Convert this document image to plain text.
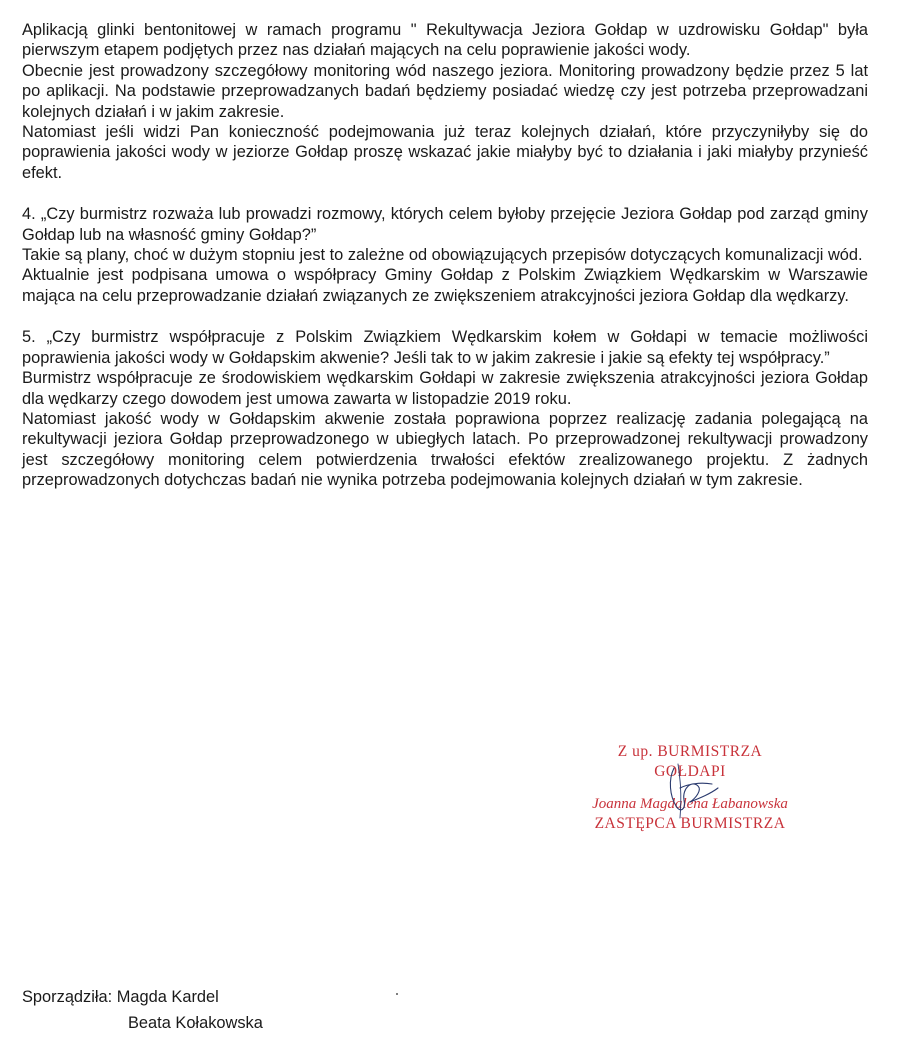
Aplikacją glinki bentonitowej w ramach programu " Rekultywacja Jeziora Gołdap w uzdrowisku Gołdap" była pierwszym etapem podjętych przez nas działań mających na celu poprawienie jakości wody.

Obecnie jest prowadzony szczegółowy monitoring wód naszego jeziora. Monitoring prowadzony będzie przez 5 lat po aplikacji. Na podstawie przeprowadzanych badań będziemy posiadać wiedzę czy jest potrzeba przeprowadzani kolejnych działań i w jakim zakresie.

Natomiast jeśli widzi Pan konieczność podejmowania już teraz kolejnych działań, które przyczyniłyby się do poprawienia jakości wody w jeziorze Gołdap proszę wskazać jakie miałyby być to działania i jaki miałyby przynieść efekt.

4. „Czy burmistrz rozważa lub prowadzi rozmowy, których celem byłoby przejęcie Jeziora Gołdap pod zarząd gminy Gołdap lub na własność gminy Gołdap?”

Takie są plany, choć w dużym stopniu jest to zależne od obowiązujących przepisów dotyczących komunalizacji wód.

Aktualnie jest podpisana umowa o współpracy Gminy Gołdap z Polskim Związkiem Wędkarskim w Warszawie mająca na celu przeprowadzanie działań związanych ze zwiększeniem atrakcyjności jeziora Gołdap dla wędkarzy.

5. „Czy burmistrz współpracuje z Polskim Związkiem Wędkarskim kołem w Gołdapi w temacie możliwości poprawienia jakości wody w Gołdapskim akwenie? Jeśli tak to w jakim zakresie i jakie są efekty tej współpracy.”

Burmistrz współpracuje ze środowiskiem wędkarskim Gołdapi w zakresie zwiększenia atrakcyjności jeziora Gołdap dla wędkarzy czego dowodem jest umowa zawarta w listopadzie 2019 roku.

Natomiast jakość wody w Gołdapskim akwenie została poprawiona poprzez realizację zadania polegającą na rekultywacji jeziora Gołdap przeprowadzonego w ubiegłych latach. Po przeprowadzonej rekultywacji prowadzony jest szczegółowy monitoring celem potwierdzenia trwałości efektów zrealizowanego projektu. Z żadnych przeprowadzonych dotychczas badań nie wynika potrzeba podejmowania kolejnych działań w tym zakresie.

Z up. BURMISTRZA
GOŁDAPI
Joanna Magdalena Łabanowska
ZASTĘPCA BURMISTRZA
Sporządziła: Magda Kardel
Beata Kołakowska
